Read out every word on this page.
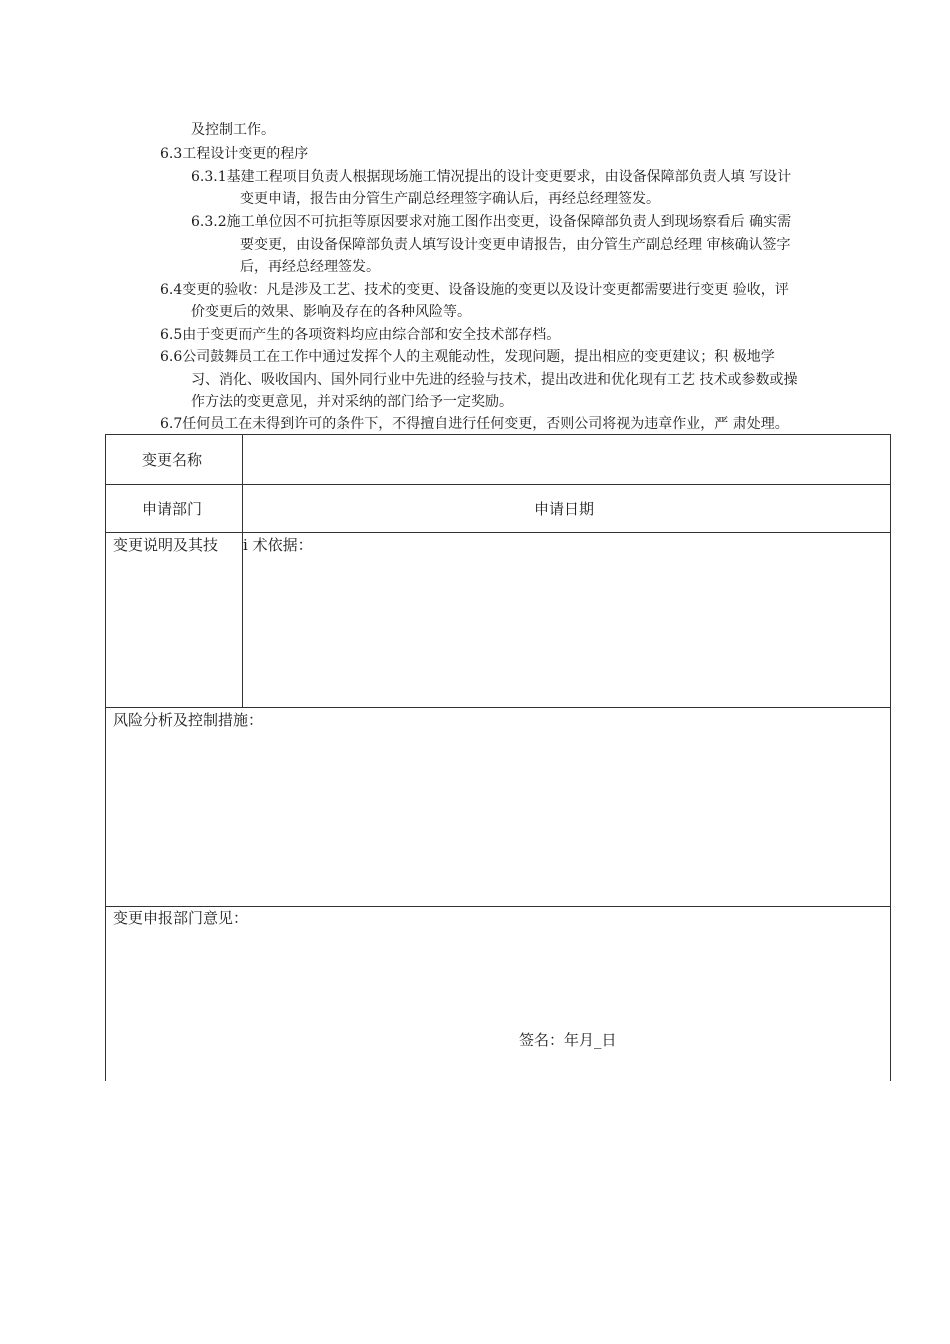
及控制工作。
6.3工程设计变更的程序
6.3.1基建工程项目负责人根据现场施工情况提出的设计变更要求，由设备保障部负责人填 写设计
变更申请，报告由分管生产副总经理签字确认后，再经总经理签发。
6.3.2施工单位因不可抗拒等原因要求对施工图作出变更，设备保障部负责人到现场察看后 确实需
要变更，由设备保障部负责人填写设计变更申请报告，由分管生产副总经理 审核确认签字
后，再经总经理签发。
6.4变更的验收：凡是涉及工艺、技术的变更、设备设施的变更以及设计变更都需要进行变更 验收，评
价变更后的效果、影响及存在的各种风险等。
6.5由于变更而产生的各项资料均应由综合部和安全技术部存档。
6.6公司鼓舞员工在工作中通过发挥个人的主观能动性，发现问题，提出相应的变更建议；积 极地学
习、消化、吸收国内、国外同行业中先进的经验与技术，提出改进和优化现有工艺 技术或参数或操
作方法的变更意见，并对采纳的部门给予一定奖励。
6.7任何员工在未得到许可的条件下，不得擅自进行任何变更，否则公司将视为违章作业，严 肃处理。
变更名称
申请部门	申请日期
变更说明及其技 i 术依据：
风险分析及控制措施：
变更申报部门意见：
签名：年月_日
